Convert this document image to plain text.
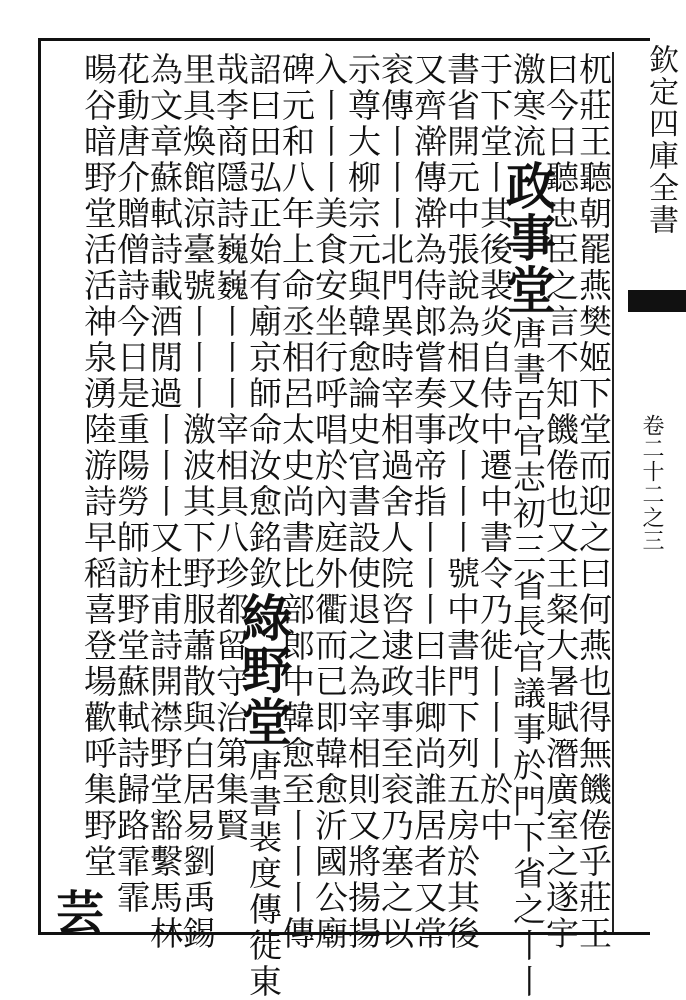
欽定四庫全書
卷二十二之三
杌莊王聽朝罷燕樊姬下堂而迎之曰何燕也得無饑倦乎莊王
曰今日聽忠臣之言不知饑倦也又王粲大暑賦潛廣室之遂宇
激寒流政事堂唐書百官志初三省長官議事於門下省之丨丨
于下堂丨其後裴炎自侍中遷中書令乃徙丨丨丨於中
書省開元中張說為相又改丨丨丨號中書門下列五房於其後
又齊澣傳澣為侍郎嘗奏事帝指丨丨丨曰非卿尚誰居者又常
衮傳丨丨丨北門異時宰相過舍人院咨逮政事至衮乃塞之以
示尊大柳宗元與韓愈論史官書設使退之為宰相則又將揚揚
入丨丨丨美食安坐行呼唱於內庭外衢而已即韓愈沂國公廟
碑元和八年上命丞相呂太史尚書比部郎中韓愈至丨丨丨傳
詔曰田弘正始有廟京師命汝愈銘欽綠野堂唐書裴度傳徙東
哉李商隱詩巍巍丨丨丨宰相具八珍都留守治第集賢
里具煥館涼臺號丨丨丨激波其下野服蕭散與白居易劉禹錫
為文章蘇軾詩載酒閒過丨丨丨又杜甫詩開襟野堂豁繫馬林
花動唐介贈僧詩今日是重陽勞師訪野堂蘇軾詩歸路霏霏
暘谷暗野堂活活神泉湧陸游詩早稻喜登場歡呼集野堂
芸
